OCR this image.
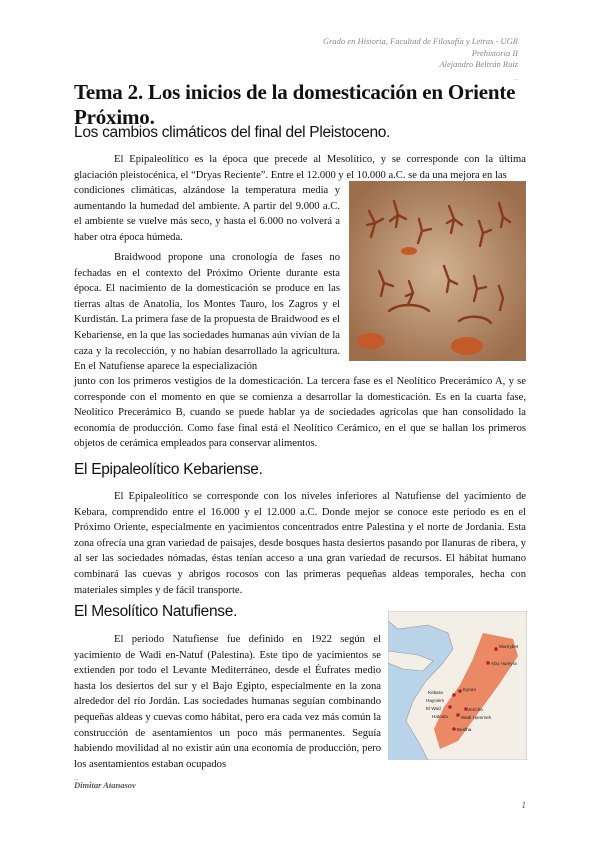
Grado en Historia, Facultad de Filosofía y Letras - UGR
Prehistoria II
Alejandro Beltrán Ruiz
_
Tema 2. Los inicios de la domesticación en Oriente Próximo.
Los cambios climáticos del final del Pleistoceno.

El Epipaleolítico es la época que precede al Mesolítico, y se corresponde con la última glaciación pleistocénica, el “Dryas Reciente”. Entre el 12.000 y el 10.000 a.C. se da una mejora en las

condiciones climáticas, alzándose la temperatura media y aumentando la humedad del ambiente. A partir del 9.000 a.C. el ambiente se vuelve más seco, y hasta el 6.000 no volverá a haber otra época húmeda.

Braidwood propone una cronología de fases no fechadas en el contexto del Próximo Oriente durante esta época. El nacimiento de la domesticación se produce en las tierras altas de Anatolia, los Montes Tauro, los Zagros y el Kurdistán. La primera fase de la propuesta de Braidwood es el Kebariense, en la que las sociedades humanas aún vivían de la caza y la recolección, y no habían desarrollado la agricultura. En el Natufiense aparece la especialización

junto con los primeros vestigios de la domesticación. La tercera fase es el Neolítico Precerámico A, y se corresponde con el momento en que se comienza a desarrollar la domesticación. Es en la cuarta fase, Neolítico Precerámico B, cuando se puede hablar ya de sociedades agrícolas que han consolidado la economía de producción. Como fase final está el Neolítico Cerámico, en el que se hallan los primeros objetos de cerámica empleados para conservar alimentos.

El Epipaleolítico Kebariense.

El Epipaleolítico se corresponde con los niveles inferiores al Natufiense del yacimiento de Kebara, comprendido entre el 16.000 y el 12.000 a.C. Donde mejor se conoce este periodo es en el Próximo Oriente, especialmente en yacimientos concentrados entre Palestina y el norte de Jordania. Esta zona ofrecía una gran variedad de paisajes, desde bosques hasta desiertos pasando por llanuras de ribera, y al ser las sociedades nómadas, éstas tenían acceso a una gran variedad de recursos. El hábitat humano combinará las cuevas y abrigos rocosos con las primeras pequeñas aldeas temporales, hecha con materiales simples y de fácil transporte.

El Mesolítico Natufiense.

El periodo Natufiense fue definido en 1922 según el yacimiento de Wadi en-Natuf (Palestina). Este tipo de yacimientos se extienden por todo el Levante Mediterráneo, desde el Éufrates medio hasta los desiertos del sur y el Bajo Egipto, especialmente en la zona alrededor del río Jordán. Las sociedades humanas seguían combinando pequeñas aldeas y cuevas como hábitat, pero era cada vez más común la construcción de asentamientos un poco más permanentes. Seguía habiendo movilidad al no existir aún una economía de producción, pero los asentamientos estaban ocupados

Mureybet
Abu Hureyra
Kebara
Eynan
Hayonim
El Wad
Hatoula
Jericho
Wadi Hammeh
Beidha
_
Dimitar Atanasov
1
